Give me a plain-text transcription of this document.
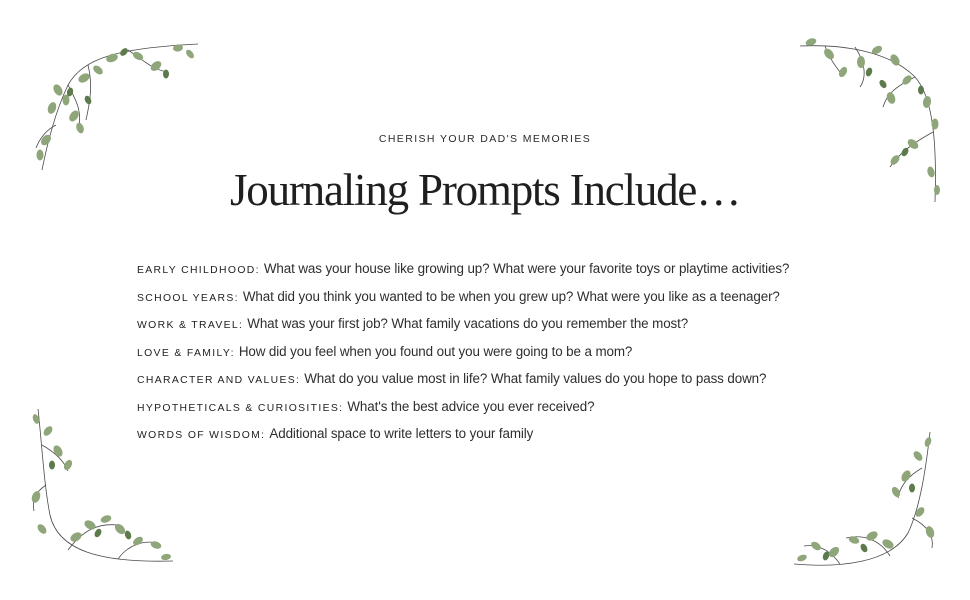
CHERISH YOUR DAD'S MEMORIES
Journaling Prompts Include…
EARLY CHILDHOOD: What was your house like growing up? What were your favorite toys or playtime activities?
SCHOOL YEARS: What did you think you wanted to be when you grew up? What were you like as a teenager?
WORK & TRAVEL: What was your first job? What family vacations do you remember the most?
LOVE & FAMILY: How did you feel when you found out you were going to be a mom?
CHARACTER AND VALUES: What do you value most in life? What family values do you hope to pass down?
HYPOTHETICALS & CURIOSITIES: What's the best advice you ever received?
WORDS OF WISDOM: Additional space to write letters to your family
